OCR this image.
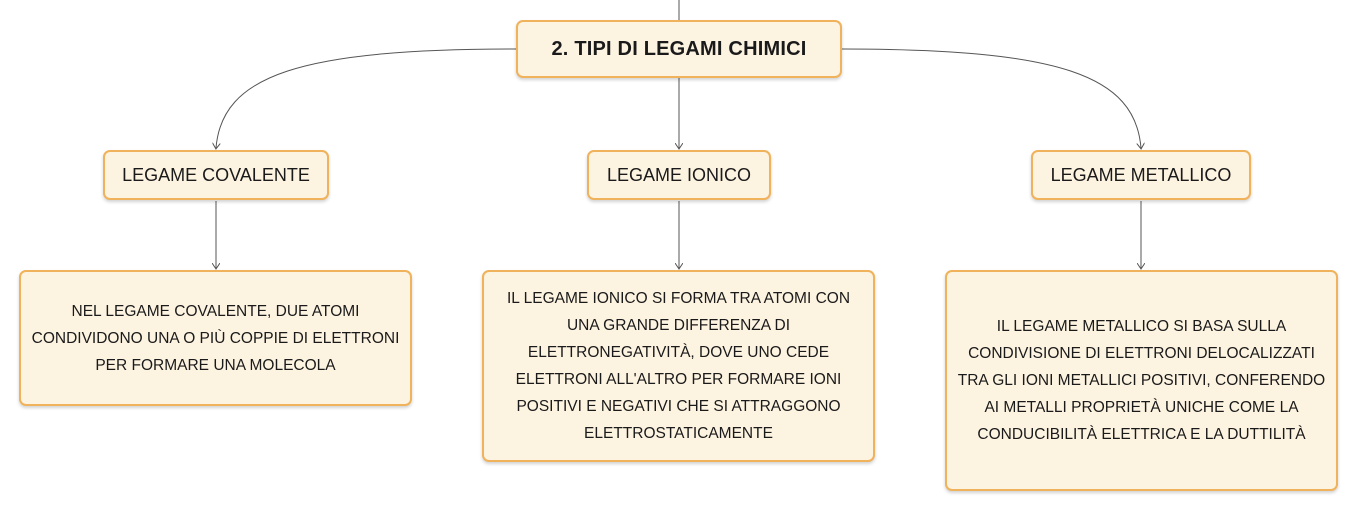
2. TIPI DI LEGAMI CHIMICI
LEGAME COVALENTE	LEGAME IONICO	LEGAME METALLICO
NEL LEGAME COVALENTE, DUE ATOMI CONDIVIDONO UNA O PIÙ COPPIE DI ELETTRONI PER FORMARE UNA MOLECOLA
IL LEGAME IONICO SI FORMA TRA ATOMI CON UNA GRANDE DIFFERENZA DI ELETTRONEGATIVITÀ, DOVE UNO CEDE ELETTRONI ALL'ALTRO PER FORMARE IONI POSITIVI E NEGATIVI CHE SI ATTRAGGONO ELETTROSTATICAMENTE
IL LEGAME METALLICO SI BASA SULLA CONDIVISIONE DI ELETTRONI DELOCALIZZATI TRA GLI IONI METALLICI POSITIVI, CONFERENDO AI METALLI PROPRIETÀ UNICHE COME LA CONDUCIBILITÀ ELETTRICA E LA DUTTILITÀ
